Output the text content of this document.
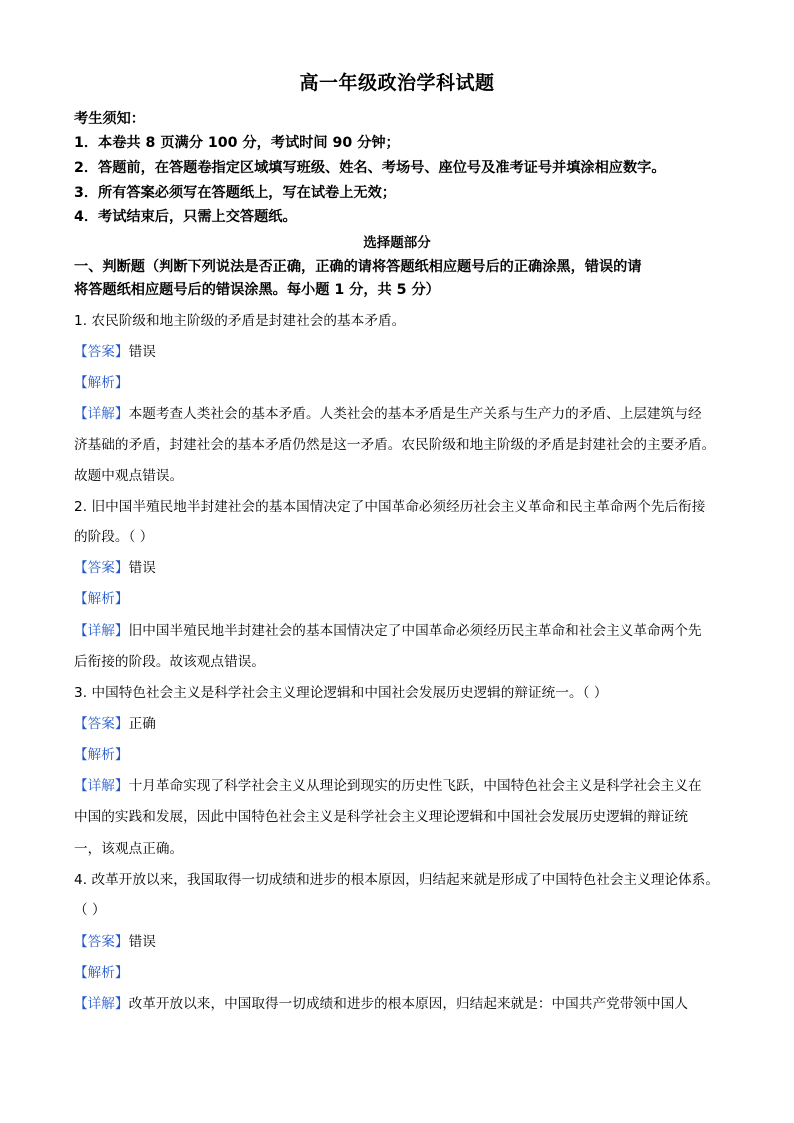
高一年级政治学科试题
考生须知：
1．本卷共 8 页满分 100 分，考试时间 90 分钟；
2．答题前，在答题卷指定区域填写班级、姓名、考场号、座位号及准考证号并填涂相应数字。
3．所有答案必须写在答题纸上，写在试卷上无效；
4．考试结束后，只需上交答题纸。
选择题部分
一、判断题（判断下列说法是否正确，正确的请将答题纸相应题号后的正确涂黑，错误的请
将答题纸相应题号后的错误涂黑。每小题 1 分，共 5 分）
1. 农民阶级和地主阶级的矛盾是封建社会的基本矛盾。
【答案】错误
【解析】
【详解】本题考查人类社会的基本矛盾。人类社会的基本矛盾是生产关系与生产力的矛盾、上层建筑与经
济基础的矛盾，封建社会的基本矛盾仍然是这一矛盾。农民阶级和地主阶级的矛盾是封建社会的主要矛盾。
故题中观点错误。
2. 旧中国半殖民地半封建社会的基本国情决定了中国革命必须经历社会主义革命和民主革命两个先后衔接
的阶段。（ ）
【答案】错误
【解析】
【详解】旧中国半殖民地半封建社会的基本国情决定了中国革命必须经历民主革命和社会主义革命两个先
后衔接的阶段。故该观点错误。
3. 中国特色社会主义是科学社会主义理论逻辑和中国社会发展历史逻辑的辩证统一。（ ）
【答案】正确
【解析】
【详解】十月革命实现了科学社会主义从理论到现实的历史性飞跃，中国特色社会主义是科学社会主义在
中国的实践和发展，因此中国特色社会主义是科学社会主义理论逻辑和中国社会发展历史逻辑的辩证统
一，该观点正确。
4. 改革开放以来，我国取得一切成绩和进步的根本原因，归结起来就是形成了中国特色社会主义理论体系。
（ ）
【答案】错误
【解析】
【详解】改革开放以来，中国取得一切成绩和进步的根本原因，归结起来就是：中国共产党带领中国人
